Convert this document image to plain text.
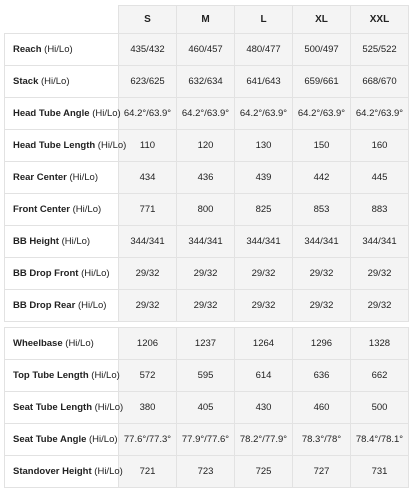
	S	M	L	XL	XXL
Reach (Hi/Lo)	435/432	460/457	480/477	500/497	525/522
Stack (Hi/Lo)	623/625	632/634	641/643	659/661	668/670
Head Tube Angle (Hi/Lo)	64.2°/63.9°	64.2°/63.9°	64.2°/63.9°	64.2°/63.9°	64.2°/63.9°
Head Tube Length (Hi/Lo)	110	120	130	150	160
Rear Center (Hi/Lo)	434	436	439	442	445
Front Center (Hi/Lo)	771	800	825	853	883
BB Height (Hi/Lo)	344/341	344/341	344/341	344/341	344/341
BB Drop Front (Hi/Lo)	29/32	29/32	29/32	29/32	29/32
BB Drop Rear (Hi/Lo)	29/32	29/32	29/32	29/32	29/32

Wheelbase (Hi/Lo)	1206	1237	1264	1296	1328
Top Tube Length (Hi/Lo)	572	595	614	636	662
Seat Tube Length (Hi/Lo)	380	405	430	460	500
Seat Tube Angle (Hi/Lo)	77.6°/77.3°	77.9°/77.6°	78.2°/77.9°	78.3°/78°	78.4°/78.1°
Standover Height (Hi/Lo)	721	723	725	727	731
